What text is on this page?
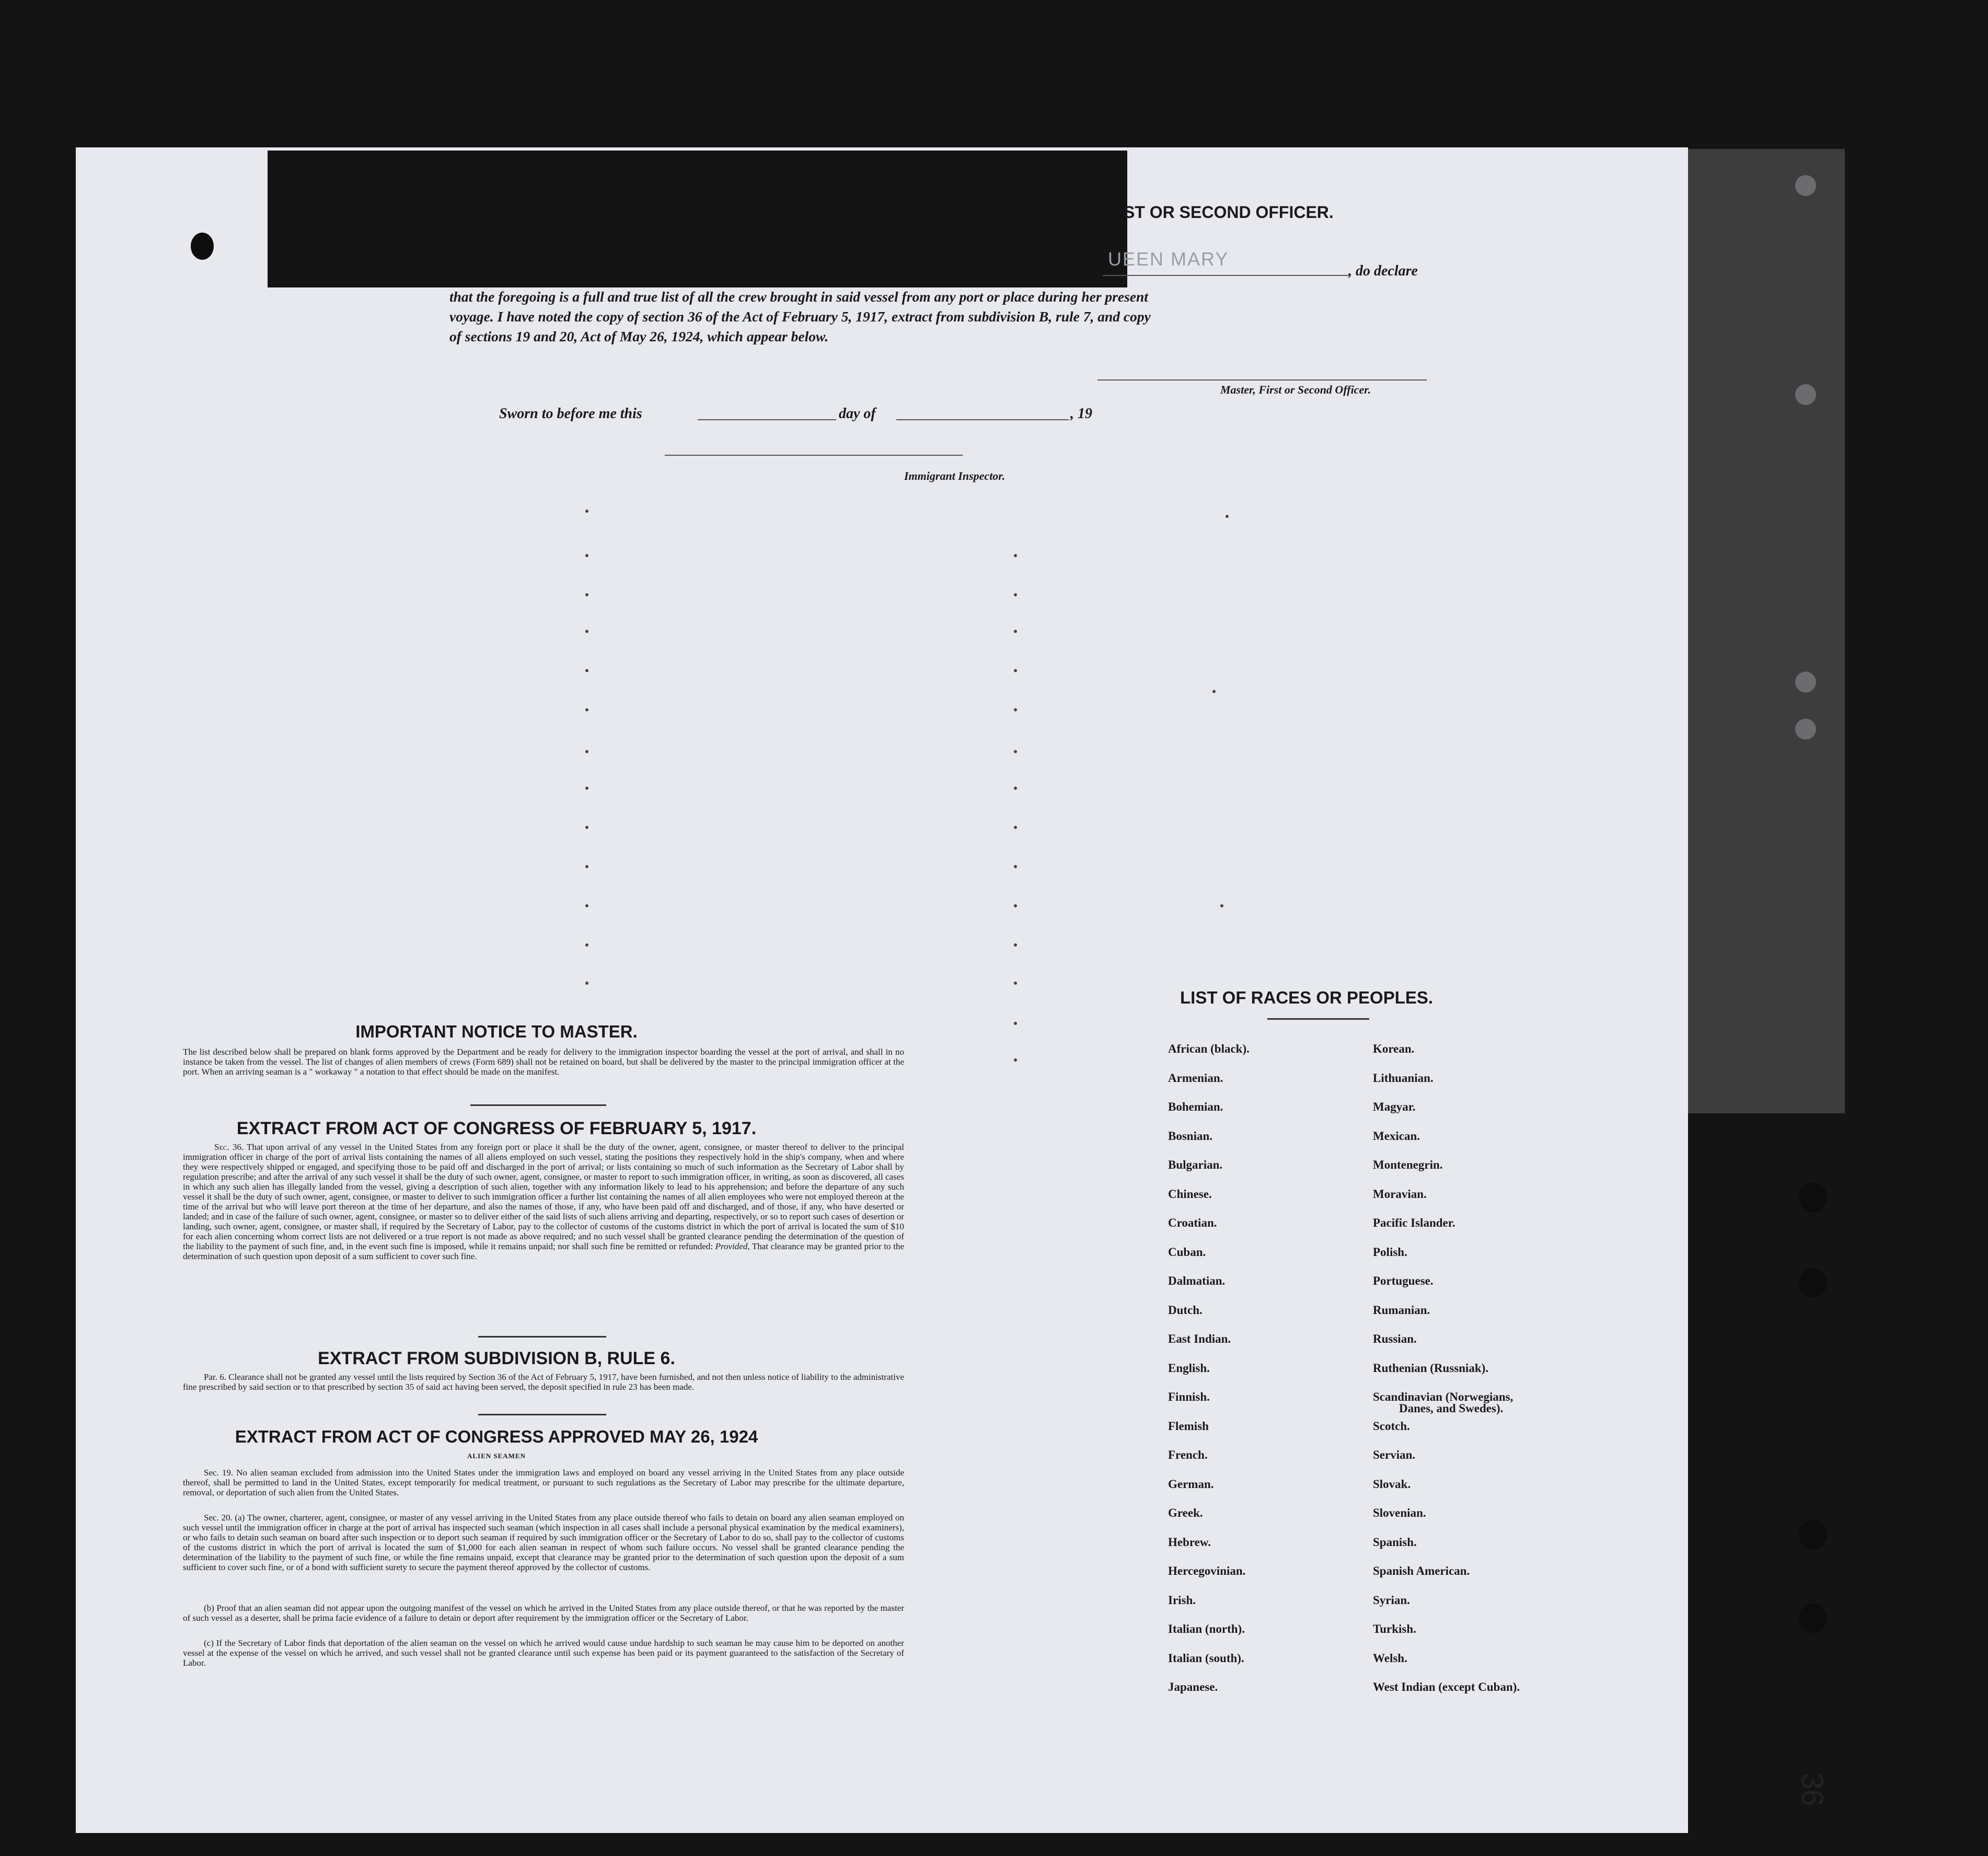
ST OR SECOND OFFICER.
UEEN MARY
, do declare
that the foregoing is a full and true list of all the crew brought in said vessel from any port or place during her present
voyage. I have noted the copy of section 36 of the Act of February 5, 1917, extract from subdivision B, rule 7, and copy
of sections 19 and 20, Act of May 26, 1924, which appear below.
Master, First or Second Officer.
Sworn to before me this	day of	, 19
Immigrant Inspector.
IMPORTANT NOTICE TO MASTER.
The list described below shall be prepared on blank forms approved by the Department and be ready for delivery to the immigration inspector boarding the vessel at the port of arrival, and shall in no instance be taken from the vessel. The list of changes of alien members of crews (Form 689) shall not be retained on board, but shall be delivered by the master to the principal immigration officer at the port. When an arriving seaman is a " workaway " a notation to that effect should be made on the manifest.
EXTRACT FROM ACT OF CONGRESS OF FEBRUARY 5, 1917.
Sec. 36. That upon arrival of any vessel in the United States from any foreign port or place it shall be the duty of the owner, agent, consignee, or master thereof to deliver to the principal immigration officer in charge of the port of arrival lists containing the names of all aliens employed on such vessel, stating the positions they respectively hold in the ship's company, when and where they were respectively shipped or engaged, and specifying those to be paid off and discharged in the port of arrival; or lists containing so much of such information as the Secretary of Labor shall by regulation prescribe; and after the arrival of any such vessel it shall be the duty of such owner, agent, consignee, or master to report to such immigration officer, in writing, as soon as discovered, all cases in which any such alien has illegally landed from the vessel, giving a description of such alien, together with any information likely to lead to his apprehension; and before the departure of any such vessel it shall be the duty of such owner, agent, consignee, or master to deliver to such immigration officer a further list containing the names of all alien employees who were not employed thereon at the time of the arrival but who will leave port thereon at the time of her departure, and also the names of those, if any, who have been paid off and discharged, and of those, if any, who have deserted or landed; and in case of the failure of such owner, agent, consignee, or master so to deliver either of the said lists of such aliens arriving and departing, respectively, or so to report such cases of desertion or landing, such owner, agent, consignee, or master shall, if required by the Secretary of Labor, pay to the collector of customs of the customs district in which the port of arrival is located the sum of $10 for each alien concerning whom correct lists are not delivered or a true report is not made as above required; and no such vessel shall be granted clearance pending the determination of the question of the liability to the payment of such fine, and, in the event such fine is imposed, while it remains unpaid; nor shall such fine be remitted or refunded: Provided, That clearance may be granted prior to the determination of such question upon deposit of a sum sufficient to cover such fine.
EXTRACT FROM SUBDIVISION B, RULE 6.
Par. 6. Clearance shall not be granted any vessel until the lists required by Section 36 of the Act of February 5, 1917, have been furnished, and not then unless notice of liability to the administrative fine prescribed by said section or to that prescribed by section 35 of said act having been served, the deposit specified in rule 23 has been made.
EXTRACT FROM ACT OF CONGRESS APPROVED MAY 26, 1924
ALIEN SEAMEN
Sec. 19. No alien seaman excluded from admission into the United States under the immigration laws and employed on board any vessel arriving in the United States from any place outside thereof, shall be permitted to land in the United States, except temporarily for medical treatment, or pursuant to such regulations as the Secretary of Labor may prescribe for the ultimate departure, removal, or deportation of such alien from the United States.
Sec. 20. (a) The owner, charterer, agent, consignee, or master of any vessel arriving in the United States from any place outside thereof who fails to detain on board any alien seaman employed on such vessel until the immigration officer in charge at the port of arrival has inspected such seaman (which inspection in all cases shall include a personal physical examination by the medical examiners), or who fails to detain such seaman on board after such inspection or to deport such seaman if required by such immigration officer or the Secretary of Labor to do so, shall pay to the collector of customs of the customs district in which the port of arrival is located the sum of $1,000 for each alien seaman in respect of whom such failure occurs. No vessel shall be granted clearance pending the determination of the liability to the payment of such fine, or while the fine remains unpaid, except that clearance may be granted prior to the determination of such question upon the deposit of a sum sufficient to cover such fine, or of a bond with sufficient surety to secure the payment thereof approved by the collector of customs.
(b) Proof that an alien seaman did not appear upon the outgoing manifest of the vessel on which he arrived in the United States from any place outside thereof, or that he was reported by the master of such vessel as a deserter, shall be prima facie evidence of a failure to detain or deport after requirement by the immigration officer or the Secretary of Labor.
(c) If the Secretary of Labor finds that deportation of the alien seaman on the vessel on which he arrived would cause undue hardship to such seaman he may cause him to be deported on another vessel at the expense of the vessel on which he arrived, and such vessel shall not be granted clearance until such expense has been paid or its payment guaranteed to the satisfaction of the Secretary of Labor.
LIST OF RACES OR PEOPLES.
African (black).
Armenian.
Bohemian.
Bosnian.
Bulgarian.
Chinese.
Croatian.
Cuban.
Dalmatian.
Dutch.
East Indian.
English.
Finnish.
Flemish
French.
German.
Greek.
Hebrew.
Hercegovinian.
Irish.
Italian (north).
Italian (south).
Japanese.
Korean.
Lithuanian.
Magyar.
Mexican.
Montenegrin.
Moravian.
Pacific Islander.
Polish.
Portuguese.
Rumanian.
Russian.
Ruthenian (Russniak).
Scandinavian (Norwegians,
Danes, and Swedes).
Scotch.
Servian.
Slovak.
Slovenian.
Spanish.
Spanish American.
Syrian.
Turkish.
Welsh.
West Indian (except Cuban).
36
